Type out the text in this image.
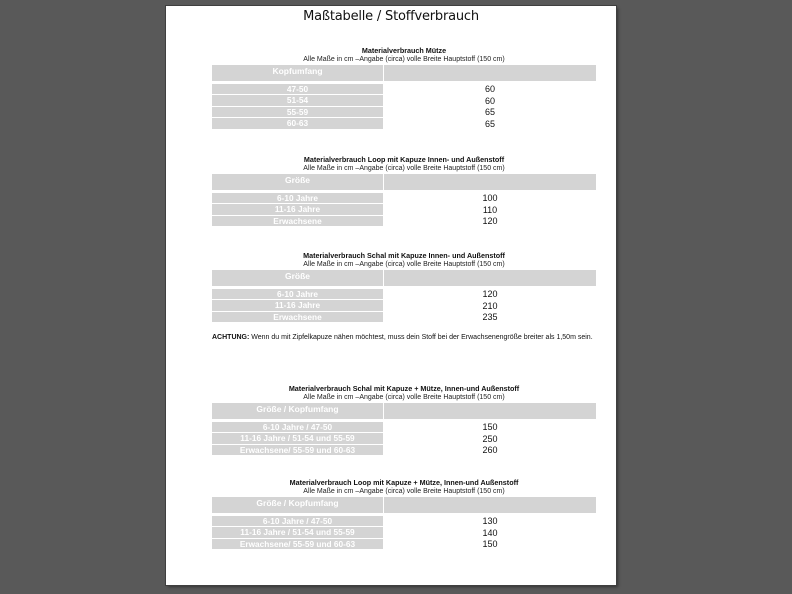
Maßtabelle / Stoffverbrauch
Materialverbrauch Mütze
Alle Maße in cm –Angabe (circa) volle Breite Hauptstoff (150 cm)
Kopfumfang
47-50	60
51-54	60
55-59	65
60-63	65
Materialverbrauch Loop mit Kapuze Innen- und Außenstoff
Alle Maße in cm –Angabe (circa) volle Breite Hauptstoff (150 cm)
Größe
6-10 Jahre	100
11-16 Jahre	110
Erwachsene	120
Materialverbrauch Schal mit Kapuze Innen- und Außenstoff
Alle Maße in cm –Angabe (circa) volle Breite Hauptstoff (150 cm)
Größe
6-10 Jahre	120
11-16 Jahre	210
Erwachsene	235
ACHTUNG: Wenn du mit Zipfelkapuze nähen möchtest, muss dein Stoff bei der Erwachsenengröße breiter als 1,50m sein.
Materialverbrauch Schal mit Kapuze + Mütze, Innen-und Außenstoff
Alle Maße in cm –Angabe (circa) volle Breite Hauptstoff (150 cm)
Größe / Kopfumfang
6-10 Jahre / 47-50	150
11-16 Jahre / 51-54 und 55-59	250
Erwachsene/ 55-59 und 60-63	260
Materialverbrauch Loop mit Kapuze + Mütze, Innen-und Außenstoff
Alle Maße in cm –Angabe (circa) volle Breite Hauptstoff (150 cm)
Größe / Kopfumfang
6-10 Jahre / 47-50	130
11-16 Jahre / 51-54 und 55-59	140
Erwachsene/ 55-59 und 60-63	150
